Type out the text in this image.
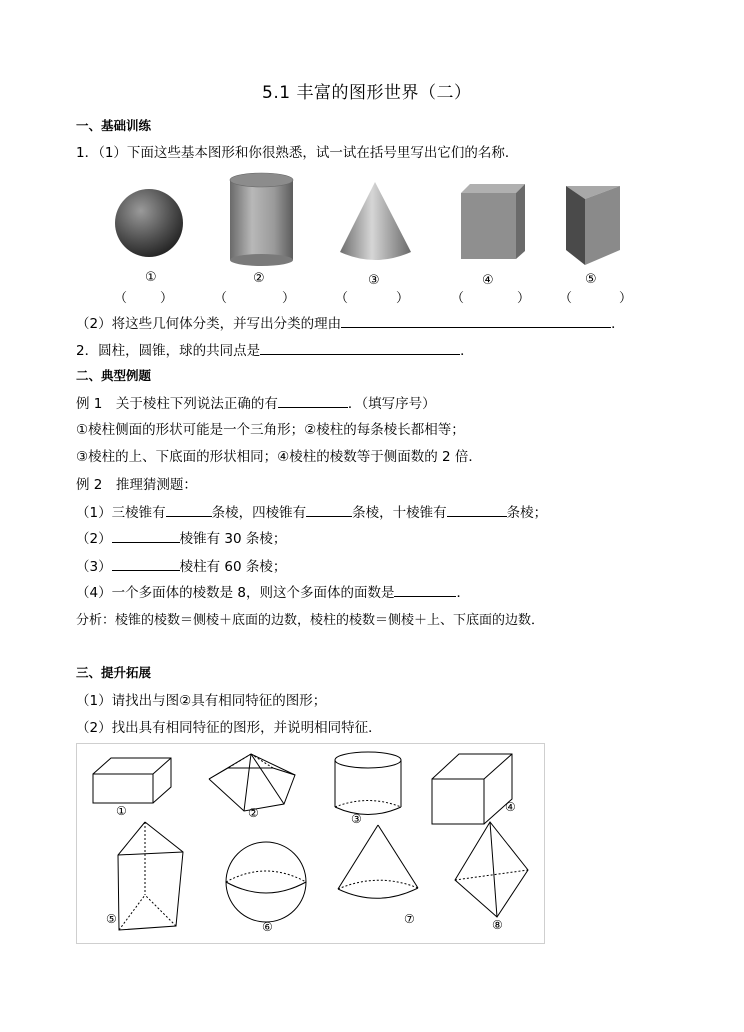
5.1 丰富的图形世界（二）
一、基础训练
1．（1）下面这些基本图形和你很熟悉，试一试在括号里写出它们的名称．
①	②	③	④	⑤
（	）	（	）	（	）	（	） （	）
（2）将这些几何体分类，并写出分类的理由	．
2．圆柱，圆锥，球的共同点是	．
二、典型例题
例 1　关于棱柱下列说法正确的有	．（填写序号）
①棱柱侧面的形状可能是一个三角形；②棱柱的每条棱长都相等；
③棱柱的上、下底面的形状相同；④棱柱的棱数等于侧面数的 2 倍．
例 2　推理猜测题：
（1）三棱锥有	条棱，四棱锥有	条棱，十棱锥有	条棱；
（2）	棱锥有 30 条棱；
（3）	棱柱有 60 条棱；
（4）一个多面体的棱数是 8，则这个多面体的面数是	．
分析：棱锥的棱数＝侧棱＋底面的边数，棱柱的棱数＝侧棱＋上、下底面的边数．
三、提升拓展
（1）请找出与图②具有相同特征的图形；
（2）找出具有相同特征的图形，并说明相同特征．
①	②	③
④
⑤
⑥
⑦	⑧
